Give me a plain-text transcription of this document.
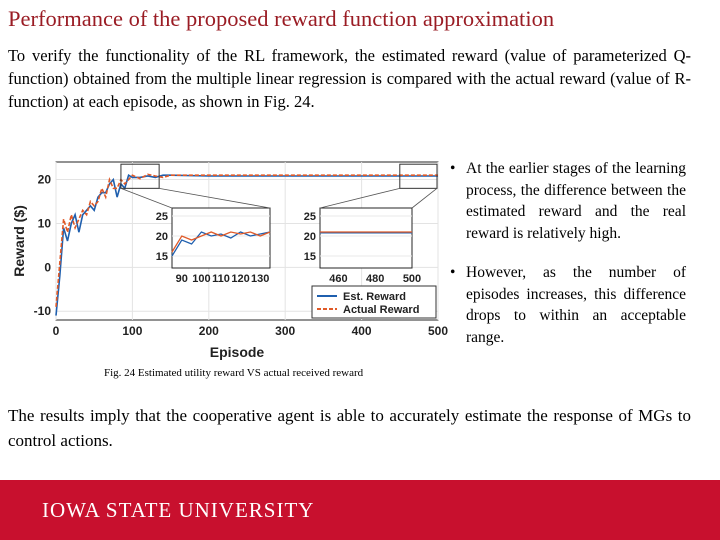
Performance of the proposed reward function approximation
To verify the functionality of the RL framework, the estimated reward (value of parameterized Q-function) obtained from the multiple linear regression is compared with the actual reward (value of R-function) at each episode, as shown in Fig. 24.
0	100	200	300	400	500
-10
0
10
20
Episode
Reward ($)
90 100 110 120 130
15
20
25
460 480 500
15
20
25
Est. Reward
Actual Reward
Fig. 24 Estimated utility reward VS actual received reward
• At the earlier stages of the learning process, the difference between the estimated reward and the real reward is relatively high.
• However, as the number of episodes increases, this difference drops to within an acceptable range.
The results imply that the cooperative agent is able to accurately estimate the response of MGs to control actions.
IOWA STATE UNIVERSITY
